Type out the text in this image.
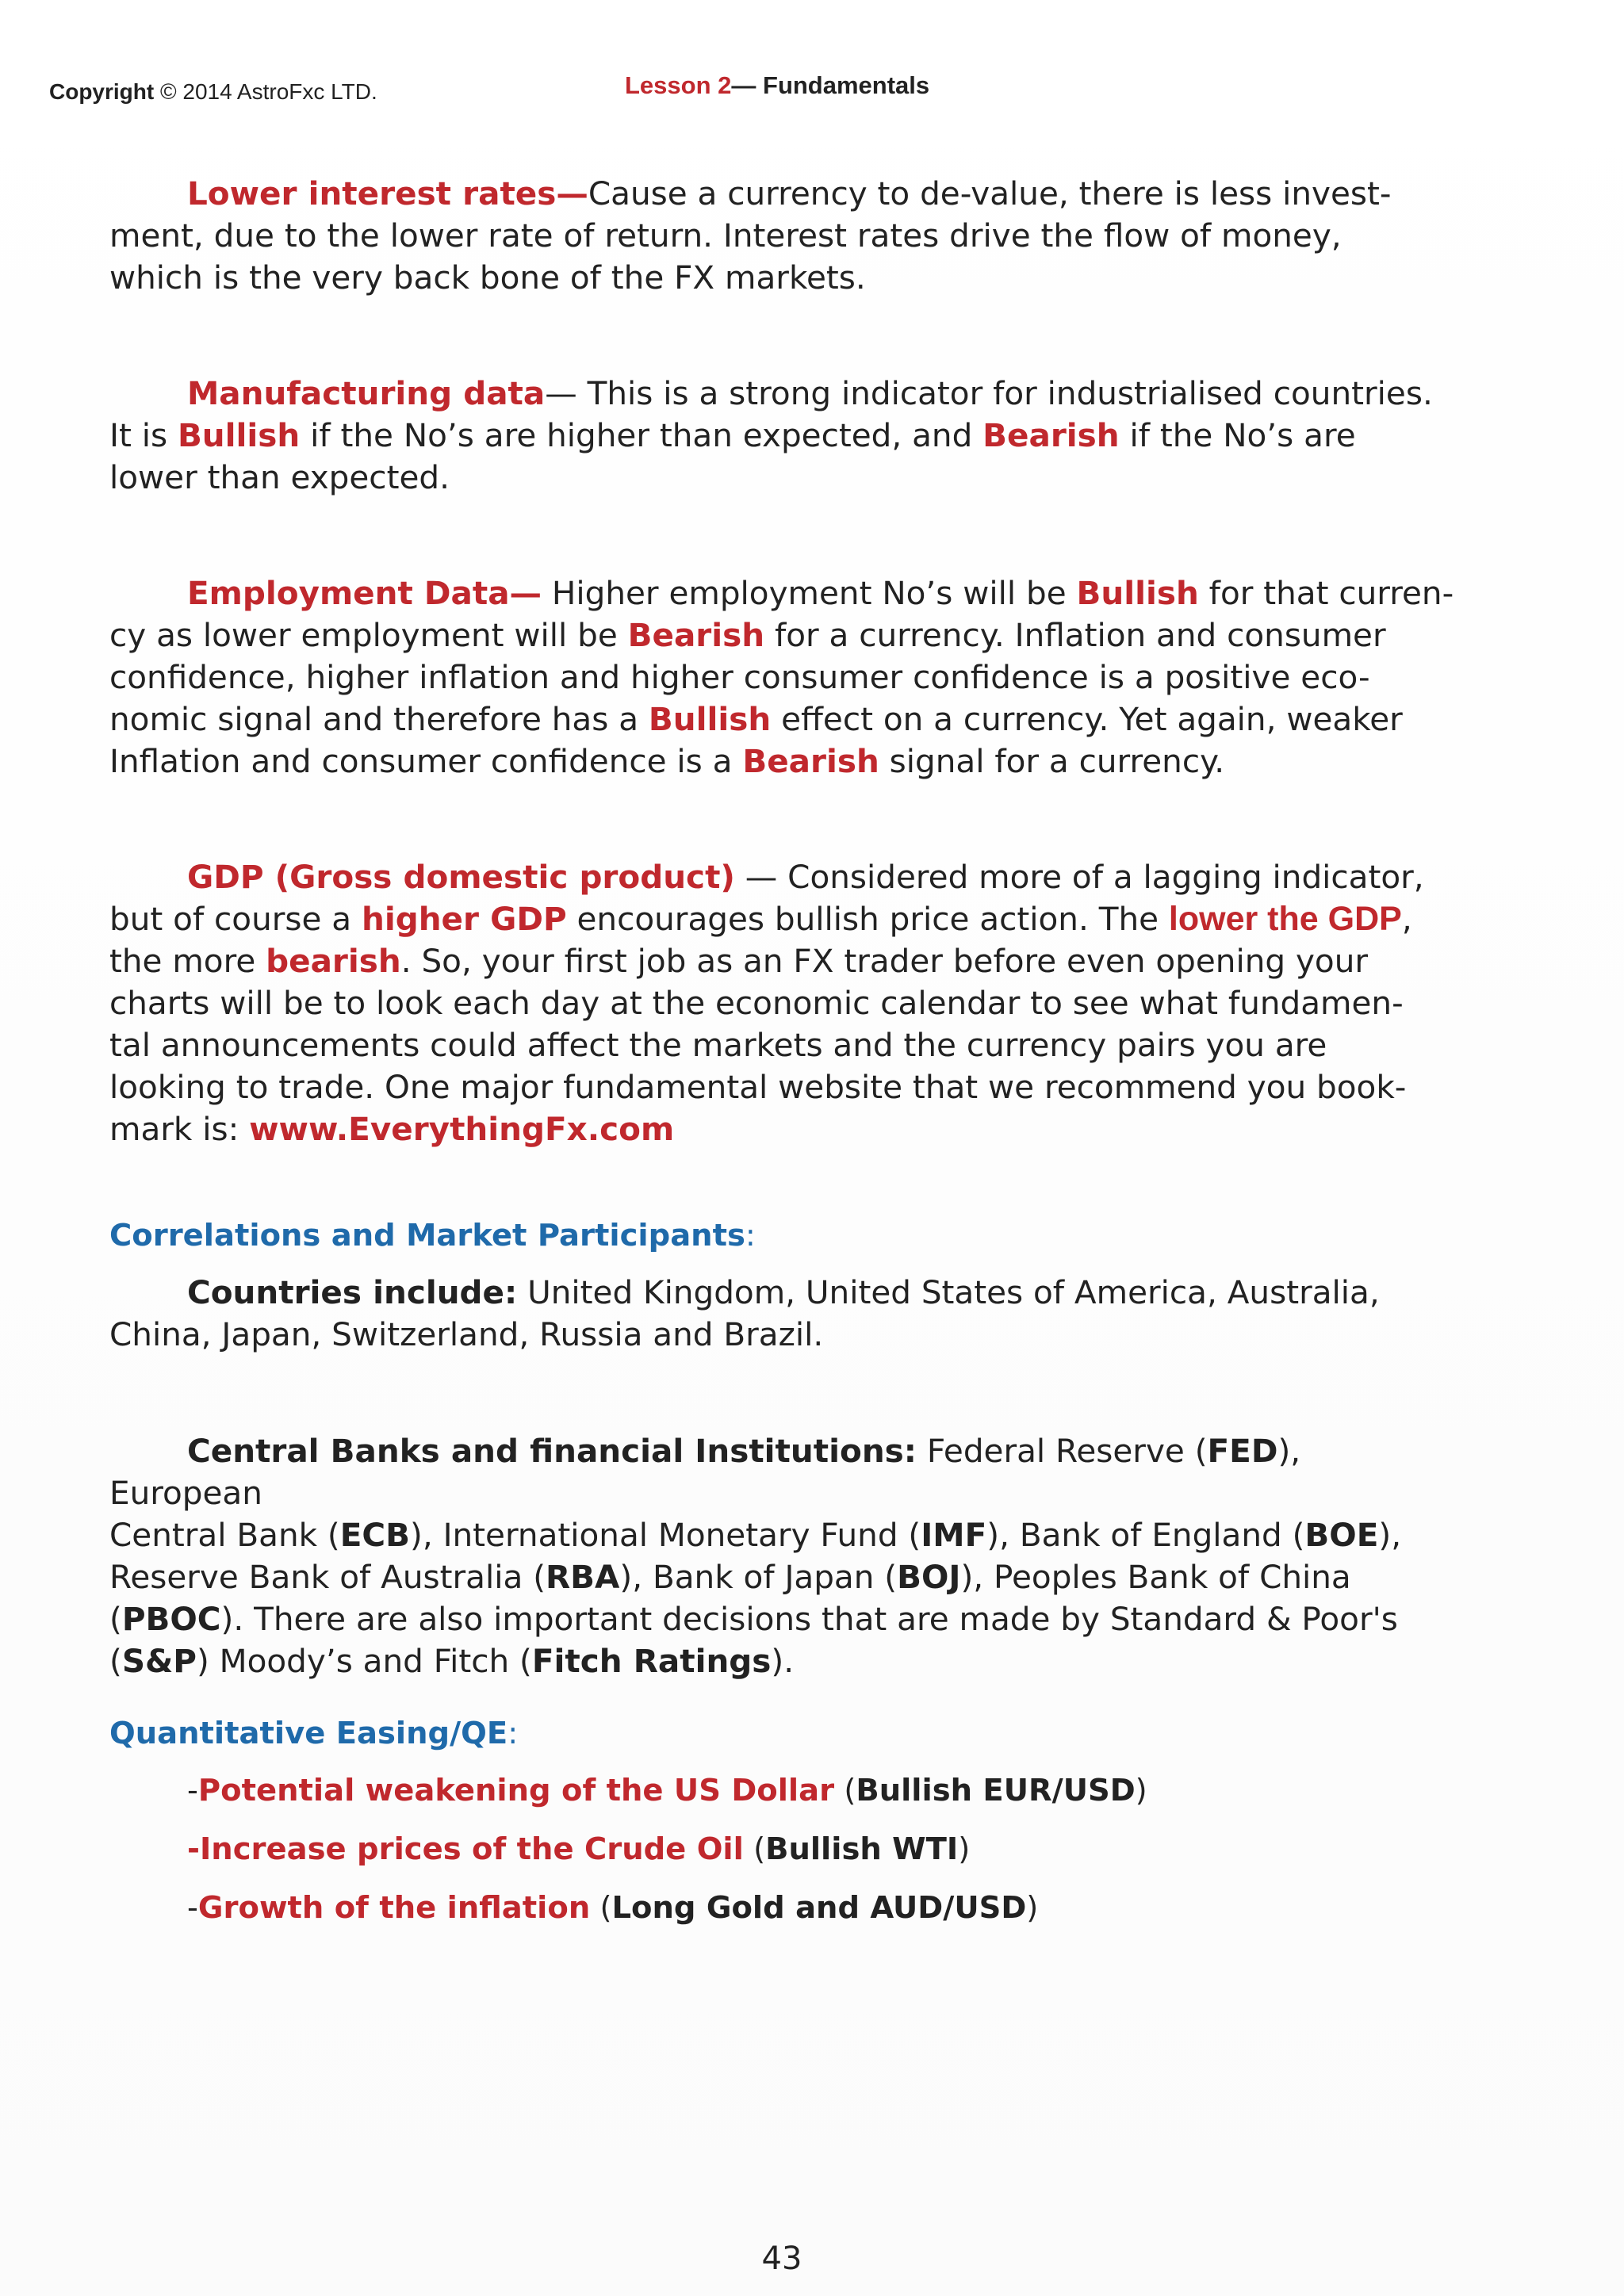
Copyright © 2014 AstroFxc LTD.	Lesson 2— Fundamentals
Lower interest rates—Cause a currency to de-value, there is less invest-
ment, due to the lower rate of return. Interest rates drive the flow of money,
which is the very back bone of the FX markets.
Manufacturing data— This is a strong indicator for industrialised countries.
It is Bullish if the No’s are higher than expected, and Bearish if the No’s are
lower than expected.
Employment Data— Higher employment No’s will be Bullish for that curren-
cy as lower employment will be Bearish for a currency. Inflation and consumer
confidence, higher inflation and higher consumer confidence is a positive eco-
nomic signal and therefore has a Bullish effect on a currency. Yet again, weaker
Inflation and consumer confidence is a Bearish signal for a currency.
GDP (Gross domestic product) — Considered more of a lagging indicator,
but of course a higher GDP encourages bullish price action. The lower the GDP,
the more bearish. So, your first job as an FX trader before even opening your
charts will be to look each day at the economic calendar to see what fundamen-
tal announcements could affect the markets and the currency pairs you are
looking to trade. One major fundamental website that we recommend you book-
mark is: www.EverythingFx.com
Correlations and Market Participants:
Countries include: United Kingdom, United States of America, Australia,
China, Japan, Switzerland, Russia and Brazil.
Central Banks and financial Institutions: Federal Reserve (FED), European
Central Bank (ECB), International Monetary Fund (IMF), Bank of England (BOE),
Reserve Bank of Australia (RBA), Bank of Japan (BOJ), Peoples Bank of China
(PBOC). There are also important decisions that are made by Standard & Poor's
(S&P) Moody’s and Fitch (Fitch Ratings).
Quantitative Easing/QE:
-Potential weakening of the US Dollar (Bullish EUR/USD)
-Increase prices of the Crude Oil (Bullish WTI)
-Growth of the inflation (Long Gold and AUD/USD)
43
